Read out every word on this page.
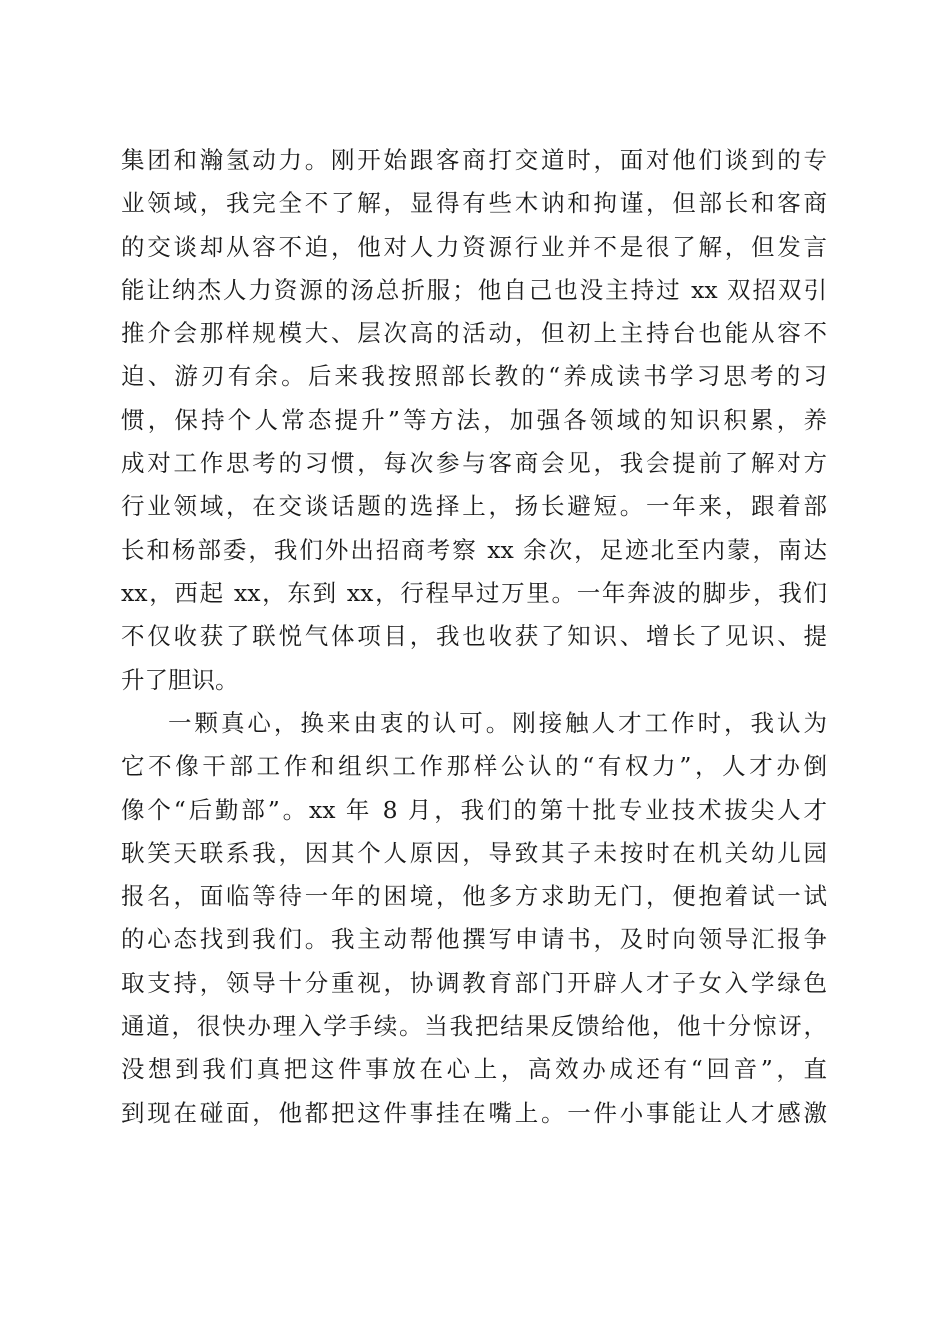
集团和瀚氢动力。刚开始跟客商打交道时，面对他们谈到的专
业领域，我完全不了解，显得有些木讷和拘谨，但部长和客商
的交谈却从容不迫，他对人力资源行业并不是很了解，但发言
能让纳杰人力资源的汤总折服；他自己也没主持过 xx 双招双引
推介会那样规模大、层次高的活动，但初上主持台也能从容不
迫、游刃有余。后来我按照部长教的“养成读书学习思考的习
惯，保持个人常态提升”等方法，加强各领域的知识积累，养
成对工作思考的习惯，每次参与客商会见，我会提前了解对方
行业领域，在交谈话题的选择上，扬长避短。一年来，跟着部
长和杨部委，我们外出招商考察 xx 余次，足迹北至内蒙，南达
xx，西起 xx，东到 xx，行程早过万里。一年奔波的脚步，我们
不仅收获了联悦气体项目，我也收获了知识、增长了见识、提
升了胆识。
一颗真心，换来由衷的认可。刚接触人才工作时，我认为
它不像干部工作和组织工作那样公认的“有权力”，人才办倒
像个“后勤部”。xx 年 8 月，我们的第十批专业技术拔尖人才
耿笑天联系我，因其个人原因，导致其子未按时在机关幼儿园
报名，面临等待一年的困境，他多方求助无门，便抱着试一试
的心态找到我们。我主动帮他撰写申请书，及时向领导汇报争
取支持，领导十分重视，协调教育部门开辟人才子女入学绿色
通道，很快办理入学手续。当我把结果反馈给他，他十分惊讶，
没想到我们真把这件事放在心上，高效办成还有“回音”，直
到现在碰面，他都把这件事挂在嘴上。一件小事能让人才感激
